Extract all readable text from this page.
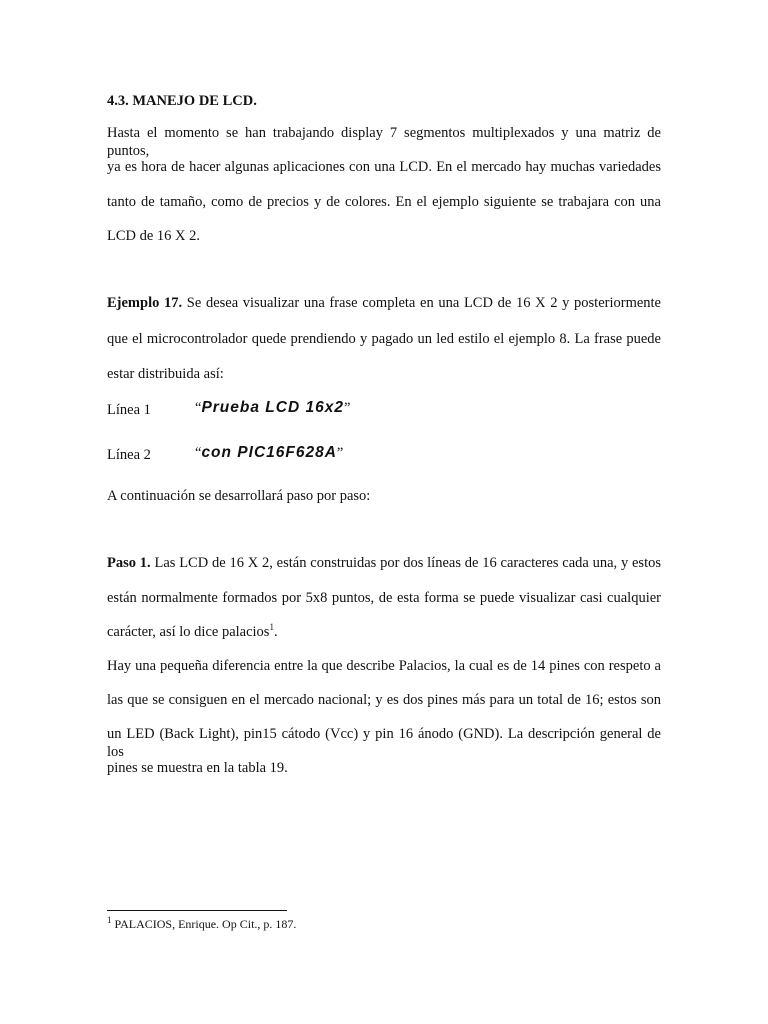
4.3. MANEJO DE LCD.
Hasta el momento se han trabajando display 7 segmentos multiplexados y una matriz de puntos,
ya es hora de hacer algunas aplicaciones con una LCD. En el mercado hay muchas variedades
tanto de tamaño, como de precios y de colores. En el ejemplo siguiente se trabajara con una
LCD de 16 X 2.
Ejemplo 17. Se desea visualizar una frase completa en una LCD de 16 X 2 y posteriormente
que el microcontrolador quede prendiendo y pagado un led estilo el ejemplo 8. La frase puede
estar distribuida así:
Línea 1	“Prueba LCD 16x2”
Línea 2	“con PIC16F628A”
A continuación se desarrollará paso por paso:
Paso 1. Las LCD de 16 X 2, están construidas por dos líneas de 16 caracteres cada una, y estos
están normalmente formados por 5x8 puntos, de esta forma se puede visualizar casi cualquier
carácter, así lo dice palacios$^1$.
Hay una pequeña diferencia entre la que describe Palacios, la cual es de 14 pines con respeto a
las que se consiguen en el mercado nacional; y es dos pines más para un total de 16; estos son
un LED (Back Light), pin15 cátodo (Vcc) y pin 16 ánodo (GND). La descripción general de los
pines se muestra en la tabla 19.
$^1$ PALACIOS, Enrique. Op Cit., p. 187.
